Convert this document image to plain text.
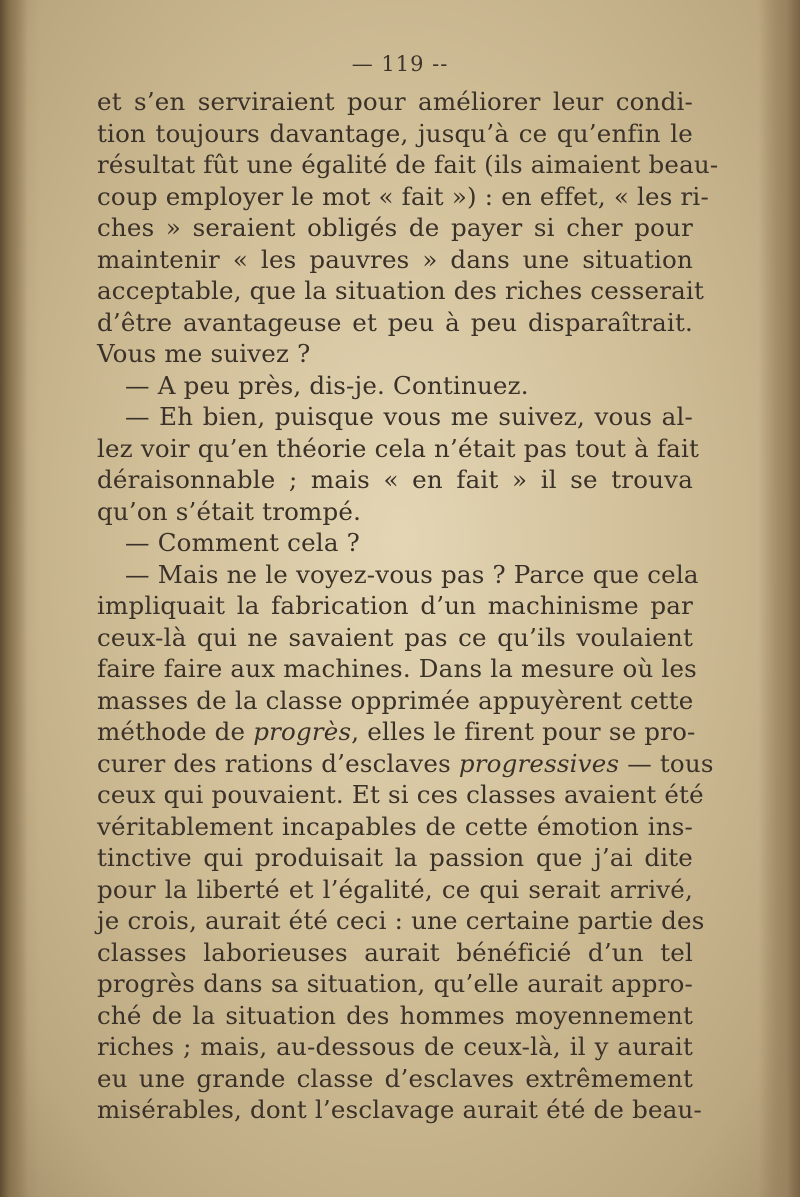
— 119 --
et s’en serviraient pour améliorer leur condi-
tion toujours davantage, jusqu’à ce qu’enfin le
résultat fût une égalité de fait (ils aimaient beau-
coup employer le mot « fait ») : en effet, « les ri-
ches » seraient obligés de payer si cher pour
maintenir « les pauvres » dans une situation
acceptable, que la situation des riches cesserait
d’être avantageuse et peu à peu disparaîtrait.
Vous me suivez ?
— A peu près, dis-je. Continuez.
— Eh bien, puisque vous me suivez, vous al-
lez voir qu’en théorie cela n’était pas tout à fait
déraisonnable ; mais « en fait » il se trouva
qu’on s’était trompé.
— Comment cela ?
— Mais ne le voyez-vous pas ? Parce que cela
impliquait la fabrication d’un machinisme par
ceux-là qui ne savaient pas ce qu’ils voulaient
faire faire aux machines. Dans la mesure où les
masses de la classe opprimée appuyèrent cette
méthode de progrès, elles le firent pour se pro-
curer des rations d’esclaves progressives — tous
ceux qui pouvaient. Et si ces classes avaient été
véritablement incapables de cette émotion ins-
tinctive qui produisait la passion que j’ai dite
pour la liberté et l’égalité, ce qui serait arrivé,
je crois, aurait été ceci : une certaine partie des
classes laborieuses aurait bénéficié d’un tel
progrès dans sa situation, qu’elle aurait appro-
ché de la situation des hommes moyennement
riches ; mais, au-dessous de ceux-là, il y aurait
eu une grande classe d’esclaves extrêmement
misérables, dont l’esclavage aurait été de beau-
